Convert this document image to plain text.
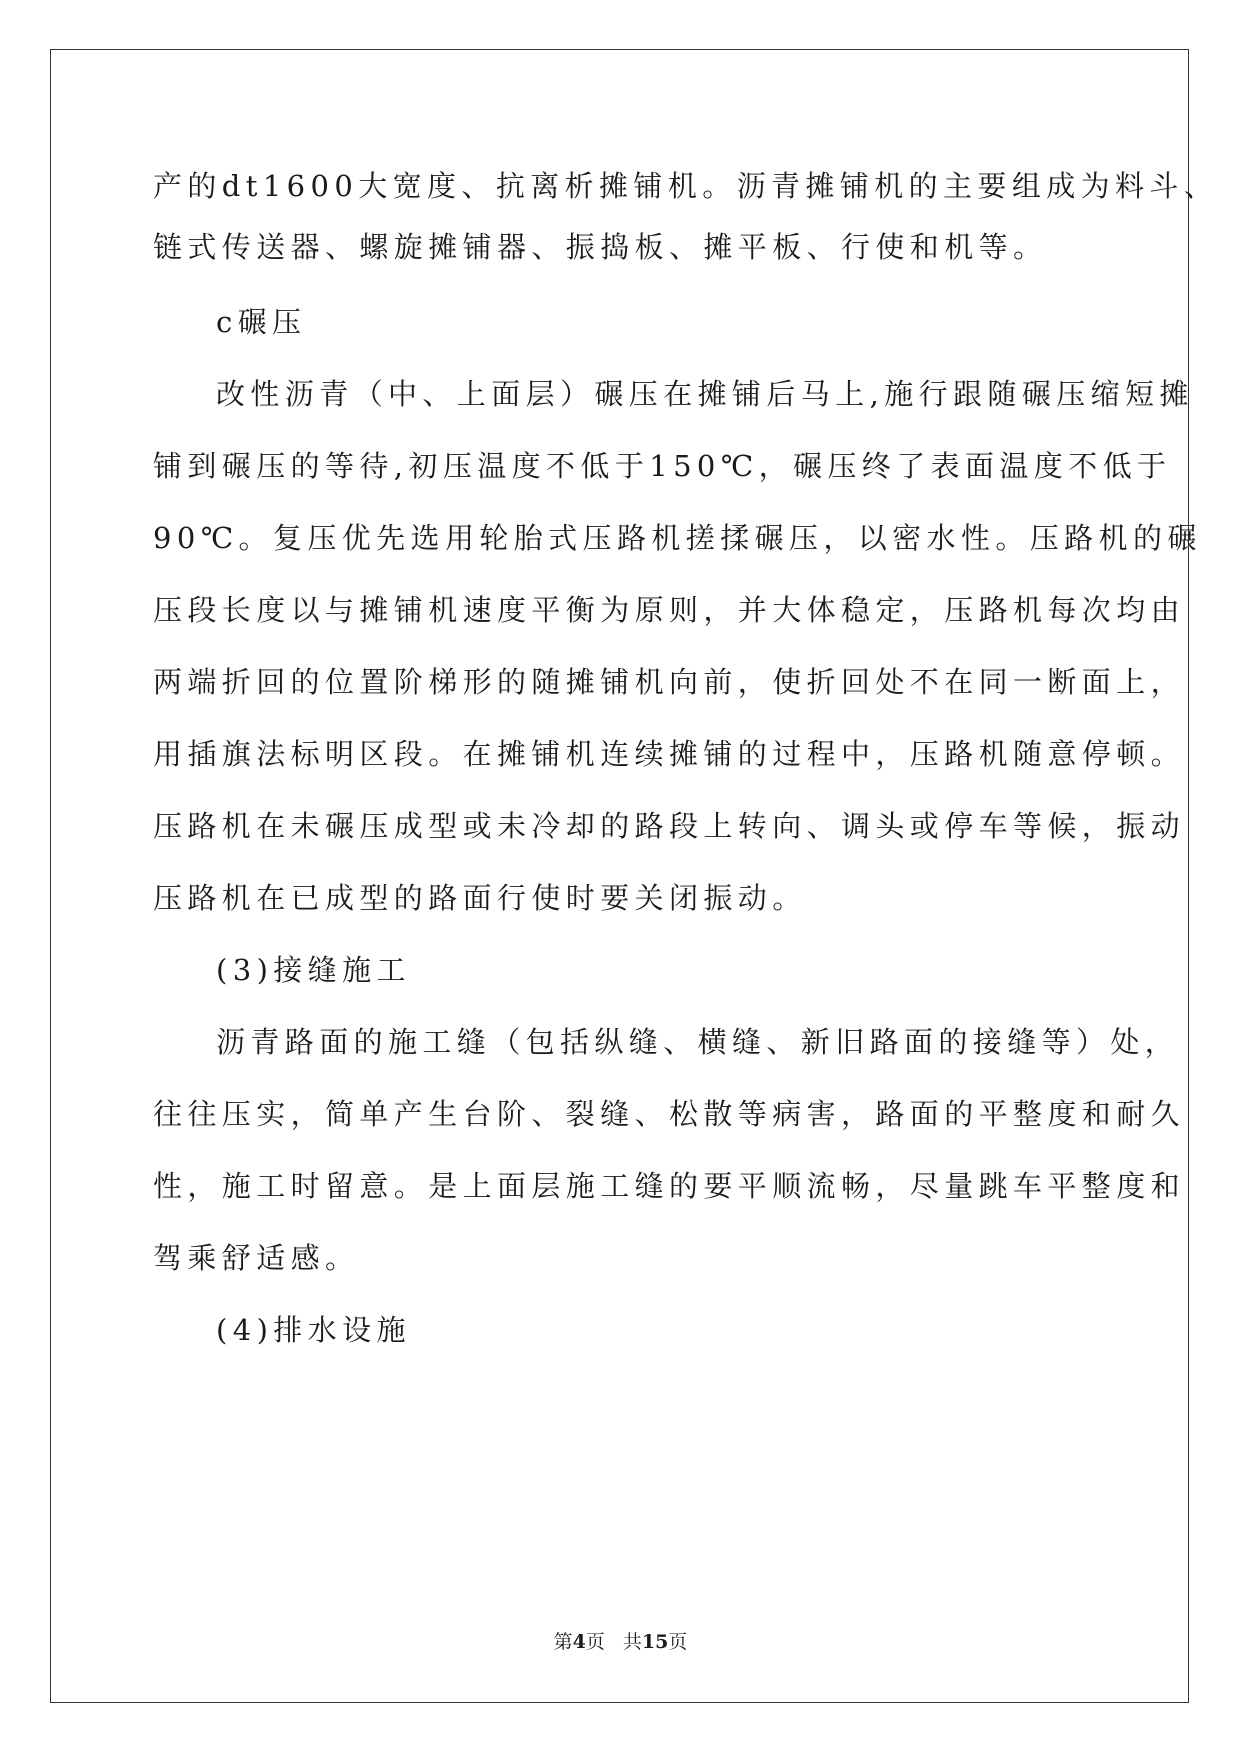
产的dt1600大宽度、抗离析摊铺机。沥青摊铺机的主要组成为料斗、
链式传送器、螺旋摊铺器、振捣板、摊平板、行使和机等。
c碾压
改性沥青（中、上面层）碾压在摊铺后马上,施行跟随碾压缩短摊
铺到碾压的等待,初压温度不低于150℃，碾压终了表面温度不低于
90℃。复压优先选用轮胎式压路机搓揉碾压，以密水性。压路机的碾
压段长度以与摊铺机速度平衡为原则，并大体稳定，压路机每次均由
两端折回的位置阶梯形的随摊铺机向前，使折回处不在同一断面上，
用插旗法标明区段。在摊铺机连续摊铺的过程中，压路机随意停顿。
压路机在未碾压成型或未冷却的路段上转向、调头或停车等候，振动
压路机在已成型的路面行使时要关闭振动。
(3)接缝施工
沥青路面的施工缝（包括纵缝、横缝、新旧路面的接缝等）处，
往往压实，简单产生台阶、裂缝、松散等病害，路面的平整度和耐久
性，施工时留意。是上面层施工缝的要平顺流畅，尽量跳车平整度和
驾乘舒适感。
(4)排水设施
第4页 共15页
